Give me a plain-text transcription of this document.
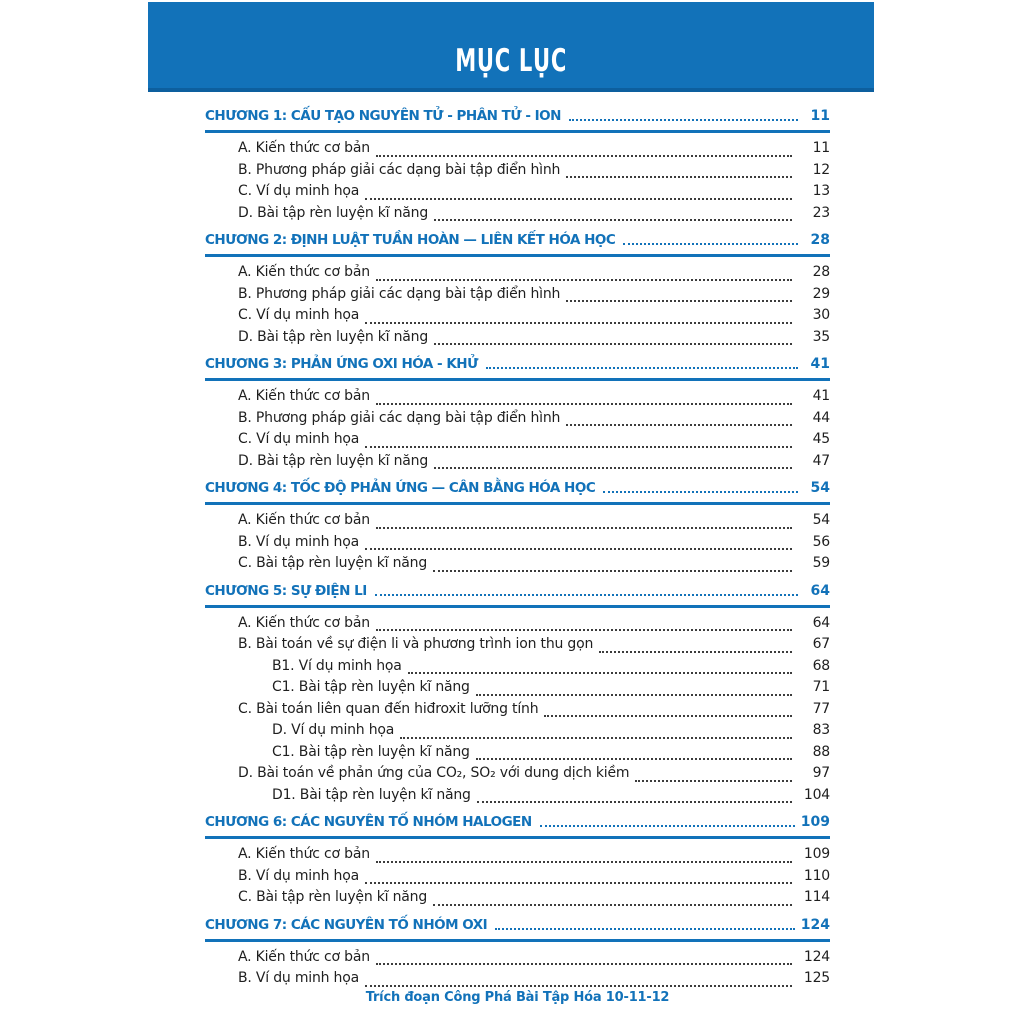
MỤC LỤC
CHƯƠNG 1: CẤU TẠO NGUYÊN TỬ - PHÂN TỬ - ION	11
A. Kiến thức cơ bản	11
B. Phương pháp giải các dạng bài tập điển hình	12
C. Ví dụ minh họa	13
D. Bài tập rèn luyện kĩ năng	23
CHƯƠNG 2: ĐỊNH LUẬT TUẦN HOÀN — LIÊN KẾT HÓA HỌC	28
A. Kiến thức cơ bản	28
B. Phương pháp giải các dạng bài tập điển hình	29
C. Ví dụ minh họa	30
D. Bài tập rèn luyện kĩ năng	35
CHƯƠNG 3: PHẢN ỨNG OXI HÓA - KHỬ	41
A. Kiến thức cơ bản	41
B. Phương pháp giải các dạng bài tập điển hình	44
C. Ví dụ minh họa	45
D. Bài tập rèn luyện kĩ năng	47
CHƯƠNG 4: TỐC ĐỘ PHẢN ỨNG — CÂN BẰNG HÓA HỌC	54
A. Kiến thức cơ bản	54
B. Ví dụ minh họa	56
C. Bài tập rèn luyện kĩ năng	59
CHƯƠNG 5: SỰ ĐIỆN LI	64
A. Kiến thức cơ bản	64
B. Bài toán về sự điện li và phương trình ion thu gọn	67
B1. Ví dụ minh họa	68
C1. Bài tập rèn luyện kĩ năng	71
C. Bài toán liên quan đến hiđroxit lưỡng tính	77
D. Ví dụ minh họa	83
C1. Bài tập rèn luyện kĩ năng	88
D. Bài toán về phản ứng của CO₂, SO₂ với dung dịch kiềm	97
D1. Bài tập rèn luyện kĩ năng	104
CHƯƠNG 6: CÁC NGUYÊN TỐ NHÓM HALOGEN	109
A. Kiến thức cơ bản	109
B. Ví dụ minh họa	110
C. Bài tập rèn luyện kĩ năng	114
CHƯƠNG 7: CÁC NGUYÊN TỐ NHÓM OXI	124
A. Kiến thức cơ bản	124
B. Ví dụ minh họa	125
Trích đoạn Công Phá Bài Tập Hóa 10-11-12
